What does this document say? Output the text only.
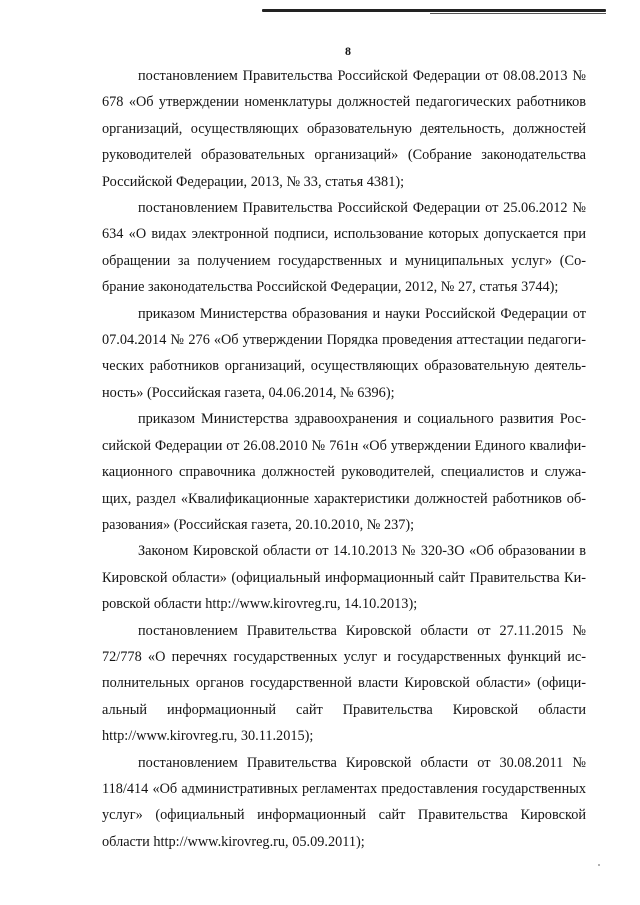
8

постановлением Правительства Российской Федерации от 08.08.2013 № 678 «Об утверждении номенклатуры должностей педагогических работников организаций, осуществляющих образовательную деятельность, должностей руководителей образовательных организаций» (Собрание законодательства Российской Федерации, 2013, № 33, статья 4381);

постановлением Правительства Российской Федерации от 25.06.2012 № 634 «О видах электронной подписи, использование которых допускается при обращении за получением государственных и муниципальных услуг» (Собрание законодательства Российской Федерации, 2012, № 27, статья 3744);

приказом Министерства образования и науки Российской Федерации от 07.04.2014 № 276 «Об утверждении Порядка проведения аттестации педагогических работников организаций, осуществляющих образовательную деятельность» (Российская газета, 04.06.2014, № 6396);

приказом Министерства здравоохранения и социального развития Российской Федерации от 26.08.2010 № 761н «Об утверждении Единого квалификационного справочника должностей руководителей, специалистов и служащих, раздел «Квалификационные характеристики должностей работников образования» (Российская газета, 20.10.2010, № 237);

Законом Кировской области от 14.10.2013 № 320-ЗО «Об образовании в Кировской области» (официальный информационный сайт Правительства Кировской области http://www.kirovreg.ru, 14.10.2013);

постановлением Правительства Кировской области от 27.11.2015 № 72/778 «О перечнях государственных услуг и государственных функций исполнительных органов государственной власти Кировской области» (официальный информационный сайт Правительства Кировской области http://www.kirovreg.ru, 30.11.2015);

постановлением Правительства Кировской области от 30.08.2011 № 118/414 «Об административных регламентах предоставления государственных услуг» (официальный информационный сайт Правительства Кировской области http://www.kirovreg.ru, 05.09.2011);
